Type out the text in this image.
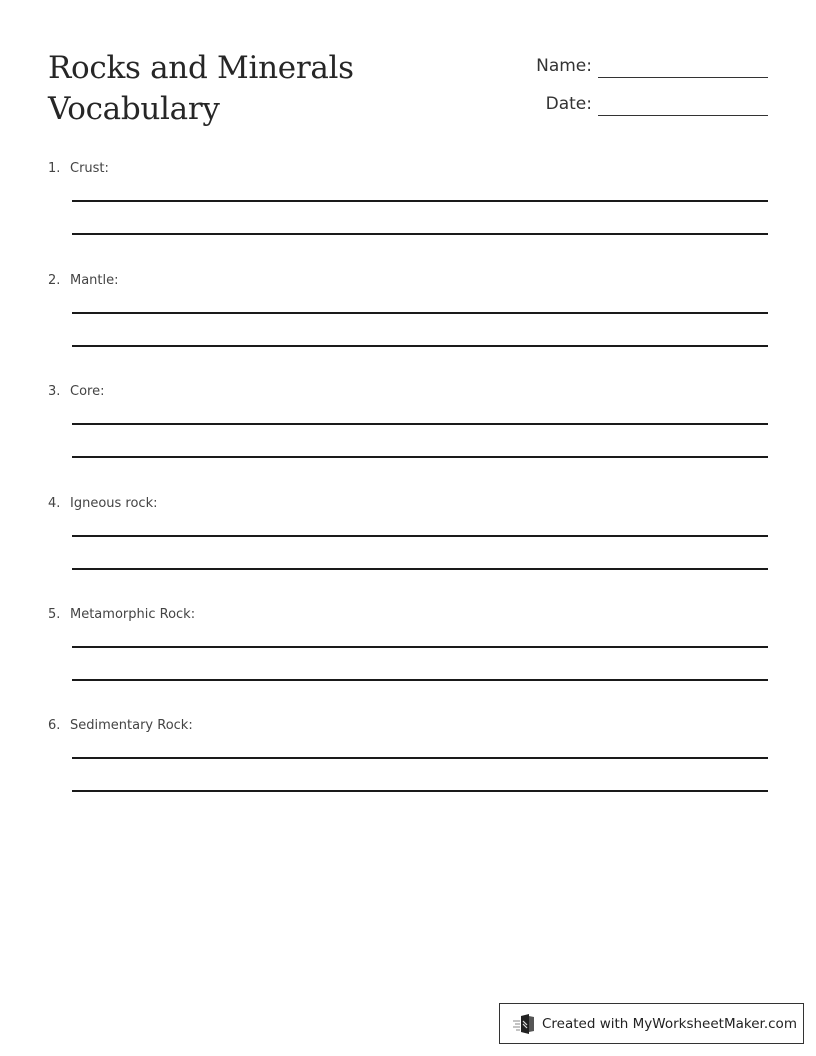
Rocks and Minerals
Vocabulary
Name:
Date:
1. Crust:
2. Mantle:
3. Core:
4. Igneous rock:
5. Metamorphic Rock:
6. Sedimentary Rock:
Created with MyWorksheetMaker.com
